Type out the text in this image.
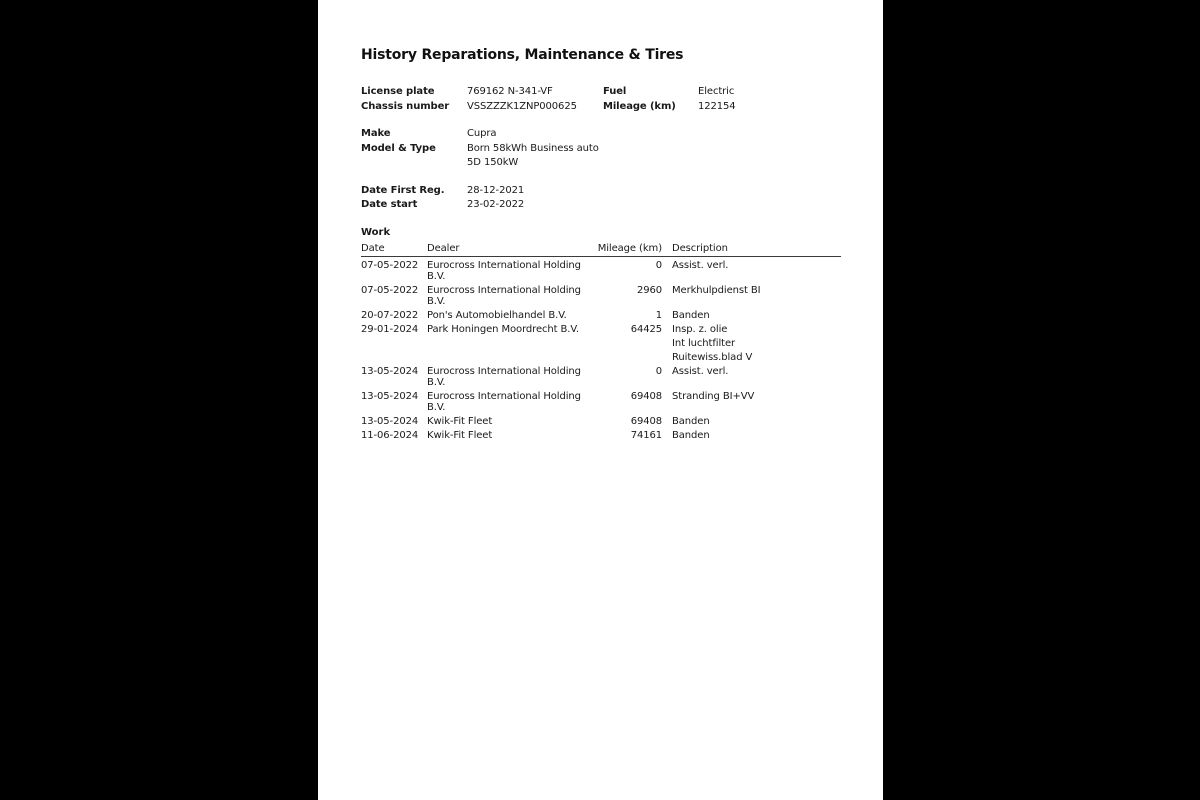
History Reparations, Maintenance & Tires
License plate	769162 N-341-VF	Fuel	Electric
Chassis number	VSSZZZK1ZNP000625	Mileage (km)	122154
Make	Cupra
Model & Type	Born 58kWh Business auto 5D 150kW
Date First Reg.	28-12-2021
Date start	23-02-2022
Work
Date	Dealer	Mileage (km)	Description

07-05-2022	Eurocross International Holding
B.V.	0	Assist. verl.

07-05-2022	Eurocross International Holding
B.V.	2960	Merkhulpdienst BI

20-07-2022	Pon's Automobielhandel B.V.	1	Banden

29-01-2024	Park Honingen Moordrecht B.V.	64425	Insp. z. olie
Int luchtfilter
Ruitewiss.blad V

13-05-2024	Eurocross International Holding
B.V.	0	Assist. verl.

13-05-2024	Eurocross International Holding
B.V.	69408	Stranding BI+VV

13-05-2024	Kwik-Fit Fleet	69408	Banden

11-06-2024	Kwik-Fit Fleet	74161	Banden
